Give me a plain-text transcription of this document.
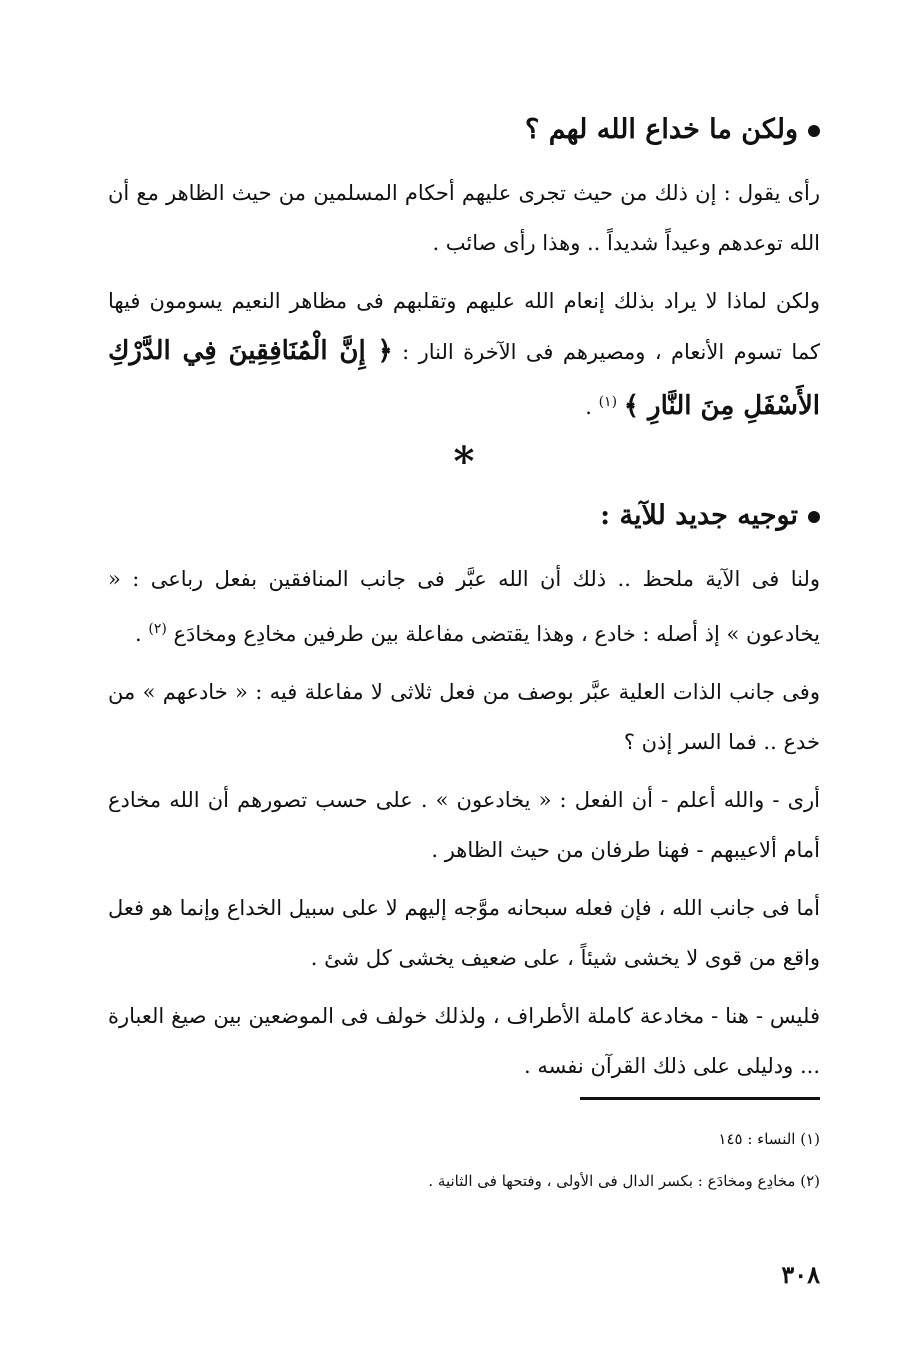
ولكن ما خداع الله لهم ؟

رأى يقول : إن ذلك من حيث تجرى عليهم أحكام المسلمين من حيث الظاهر مع أن الله توعدهم وعيداً شديداً .. وهذا رأى صائب .

ولكن لماذا لا يراد بذلك إنعام الله عليهم وتقلبهم فى مظاهر النعيم يسومون فيها كما تسوم الأنعام ، ومصيرهم فى الآخرة النار : ﴿ إِنَّ الْمُنَافِقِينَ فِي الدَّرْكِ الأَسْفَلِ مِنَ النَّارِ ﴾ $^{(١)}$ .

*
توجيه جديد للآية :

ولنا فى الآية ملحظ .. ذلك أن الله عبَّر فى جانب المنافقين بفعل رباعى : « يخادعون » إذ أصله : خادع ، وهذا يقتضى مفاعلة بين طرفين مخادِع ومخادَع $^{(٢)}$ .

وفى جانب الذات العلية عبَّر بوصف من فعل ثلاثى لا مفاعلة فيه : « خادعهم » من خدع .. فما السر إذن ؟

أرى - والله أعلم - أن الفعل : « يخادعون » . على حسب تصورهم أن الله مخادع أمام ألاعيبهم - فهنا طرفان من حيث الظاهر .

أما فى جانب الله ، فإن فعله سبحانه موَّجه إليهم لا على سبيل الخداع وإنما هو فعل واقع من قوى لا يخشى شيئاً ، على ضعيف يخشى كل شئ .

فليس - هنا - مخادعة كاملة الأطراف ، ولذلك خولف فى الموضعين بين صيغ العبارة ... ودليلى على ذلك القرآن نفسه .

(١) النساء : ١٤٥
(٢) مخادِع ومخادَع : بكسر الدال فى الأولى ، وفتحها فى الثانية .
٣٠٨
